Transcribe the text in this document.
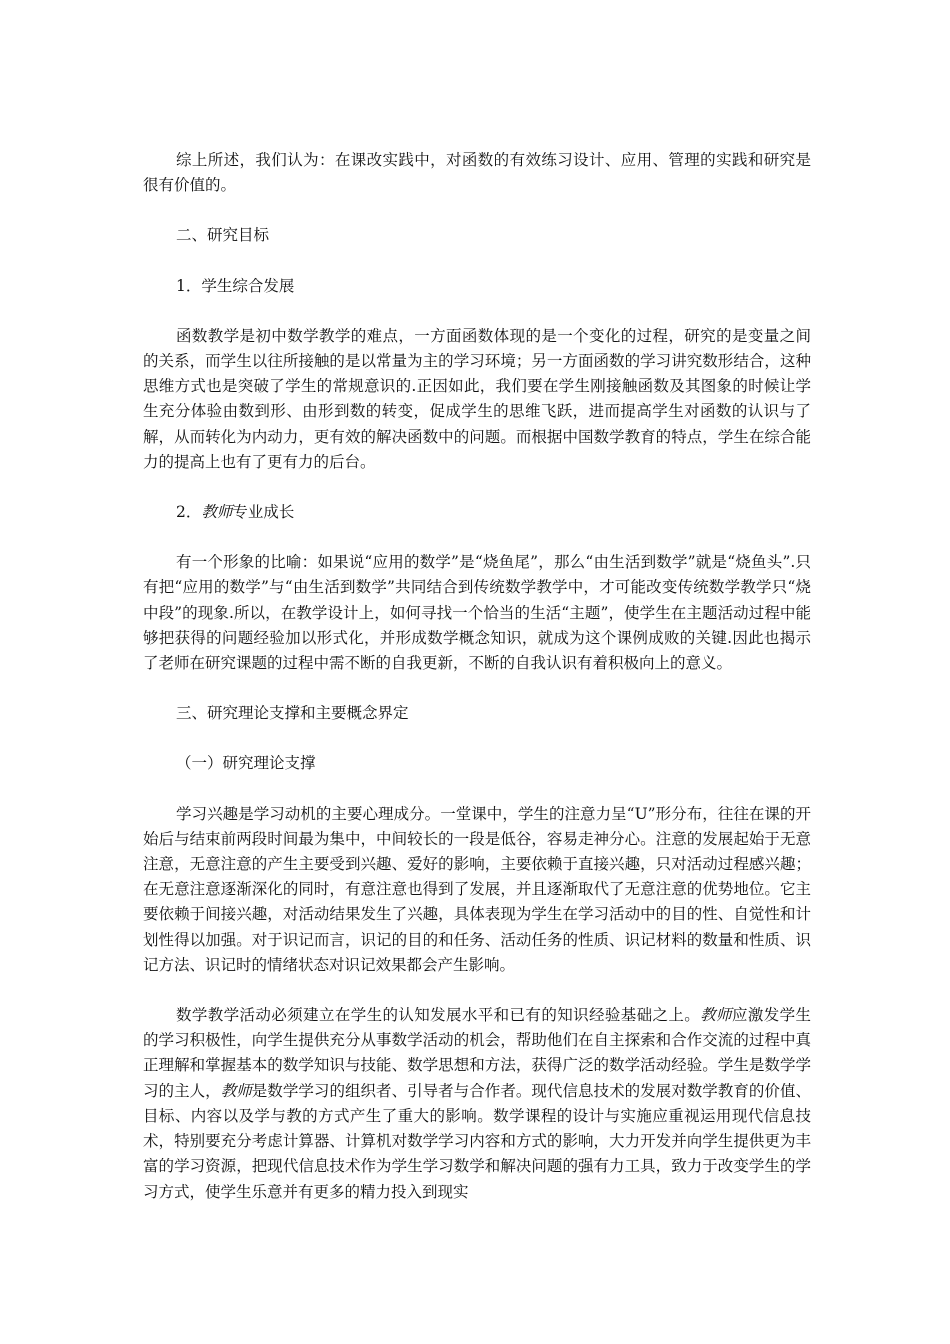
综上所述，我们认为：在课改实践中，对函数的有效练习设计、应用、管理的实践和研究是很有价值的。

二、研究目标

1．学生综合发展

函数教学是初中数学教学的难点，一方面函数体现的是一个变化的过程，研究的是变量之间的关系，而学生以往所接触的是以常量为主的学习环境；另一方面函数的学习讲究数形结合，这种思维方式也是突破了学生的常规意识的.正因如此，我们要在学生刚接触函数及其图象的时候让学生充分体验由数到形、由形到数的转变，促成学生的思维飞跃，进而提高学生对函数的认识与了解，从而转化为内动力，更有效的解决函数中的问题。而根据中国数学教育的特点，学生在综合能力的提高上也有了更有力的后台。

2．教师专业成长

有一个形象的比喻：如果说“应用的数学”是“烧鱼尾”，那么“由生活到数学”就是“烧鱼头”.只有把“应用的数学”与“由生活到数学”共同结合到传统数学教学中，才可能改变传统数学教学只“烧中段”的现象.所以，在教学设计上，如何寻找一个恰当的生活“主题”，使学生在主题活动过程中能够把获得的问题经验加以形式化，并形成数学概念知识，就成为这个课例成败的关键.因此也揭示了老师在研究课题的过程中需不断的自我更新，不断的自我认识有着积极向上的意义。

三、研究理论支撑和主要概念界定

（一）研究理论支撑

学习兴趣是学习动机的主要心理成分。一堂课中，学生的注意力呈“U”形分布，往往在课的开始后与结束前两段时间最为集中，中间较长的一段是低谷，容易走神分心。注意的发展起始于无意注意，无意注意的产生主要受到兴趣、爱好的影响，主要依赖于直接兴趣，只对活动过程感兴趣；在无意注意逐渐深化的同时，有意注意也得到了发展，并且逐渐取代了无意注意的优势地位。它主要依赖于间接兴趣，对活动结果发生了兴趣，具体表现为学生在学习活动中的目的性、自觉性和计划性得以加强。对于识记而言，识记的目的和任务、活动任务的性质、识记材料的数量和性质、识记方法、识记时的情绪状态对识记效果都会产生影响。

数学教学活动必须建立在学生的认知发展水平和已有的知识经验基础之上。教师应激发学生的学习积极性，向学生提供充分从事数学活动的机会，帮助他们在自主探索和合作交流的过程中真正理解和掌握基本的数学知识与技能、数学思想和方法，获得广泛的数学活动经验。学生是数学学习的主人，教师是数学学习的组织者、引导者与合作者。现代信息技术的发展对数学教育的价值、目标、内容以及学与教的方式产生了重大的影响。数学课程的设计与实施应重视运用现代信息技术，特别要充分考虑计算器、计算机对数学学习内容和方式的影响，大力开发并向学生提供更为丰富的学习资源，把现代信息技术作为学生学习数学和解决问题的强有力工具，致力于改变学生的学习方式，使学生乐意并有更多的精力投入到现实
